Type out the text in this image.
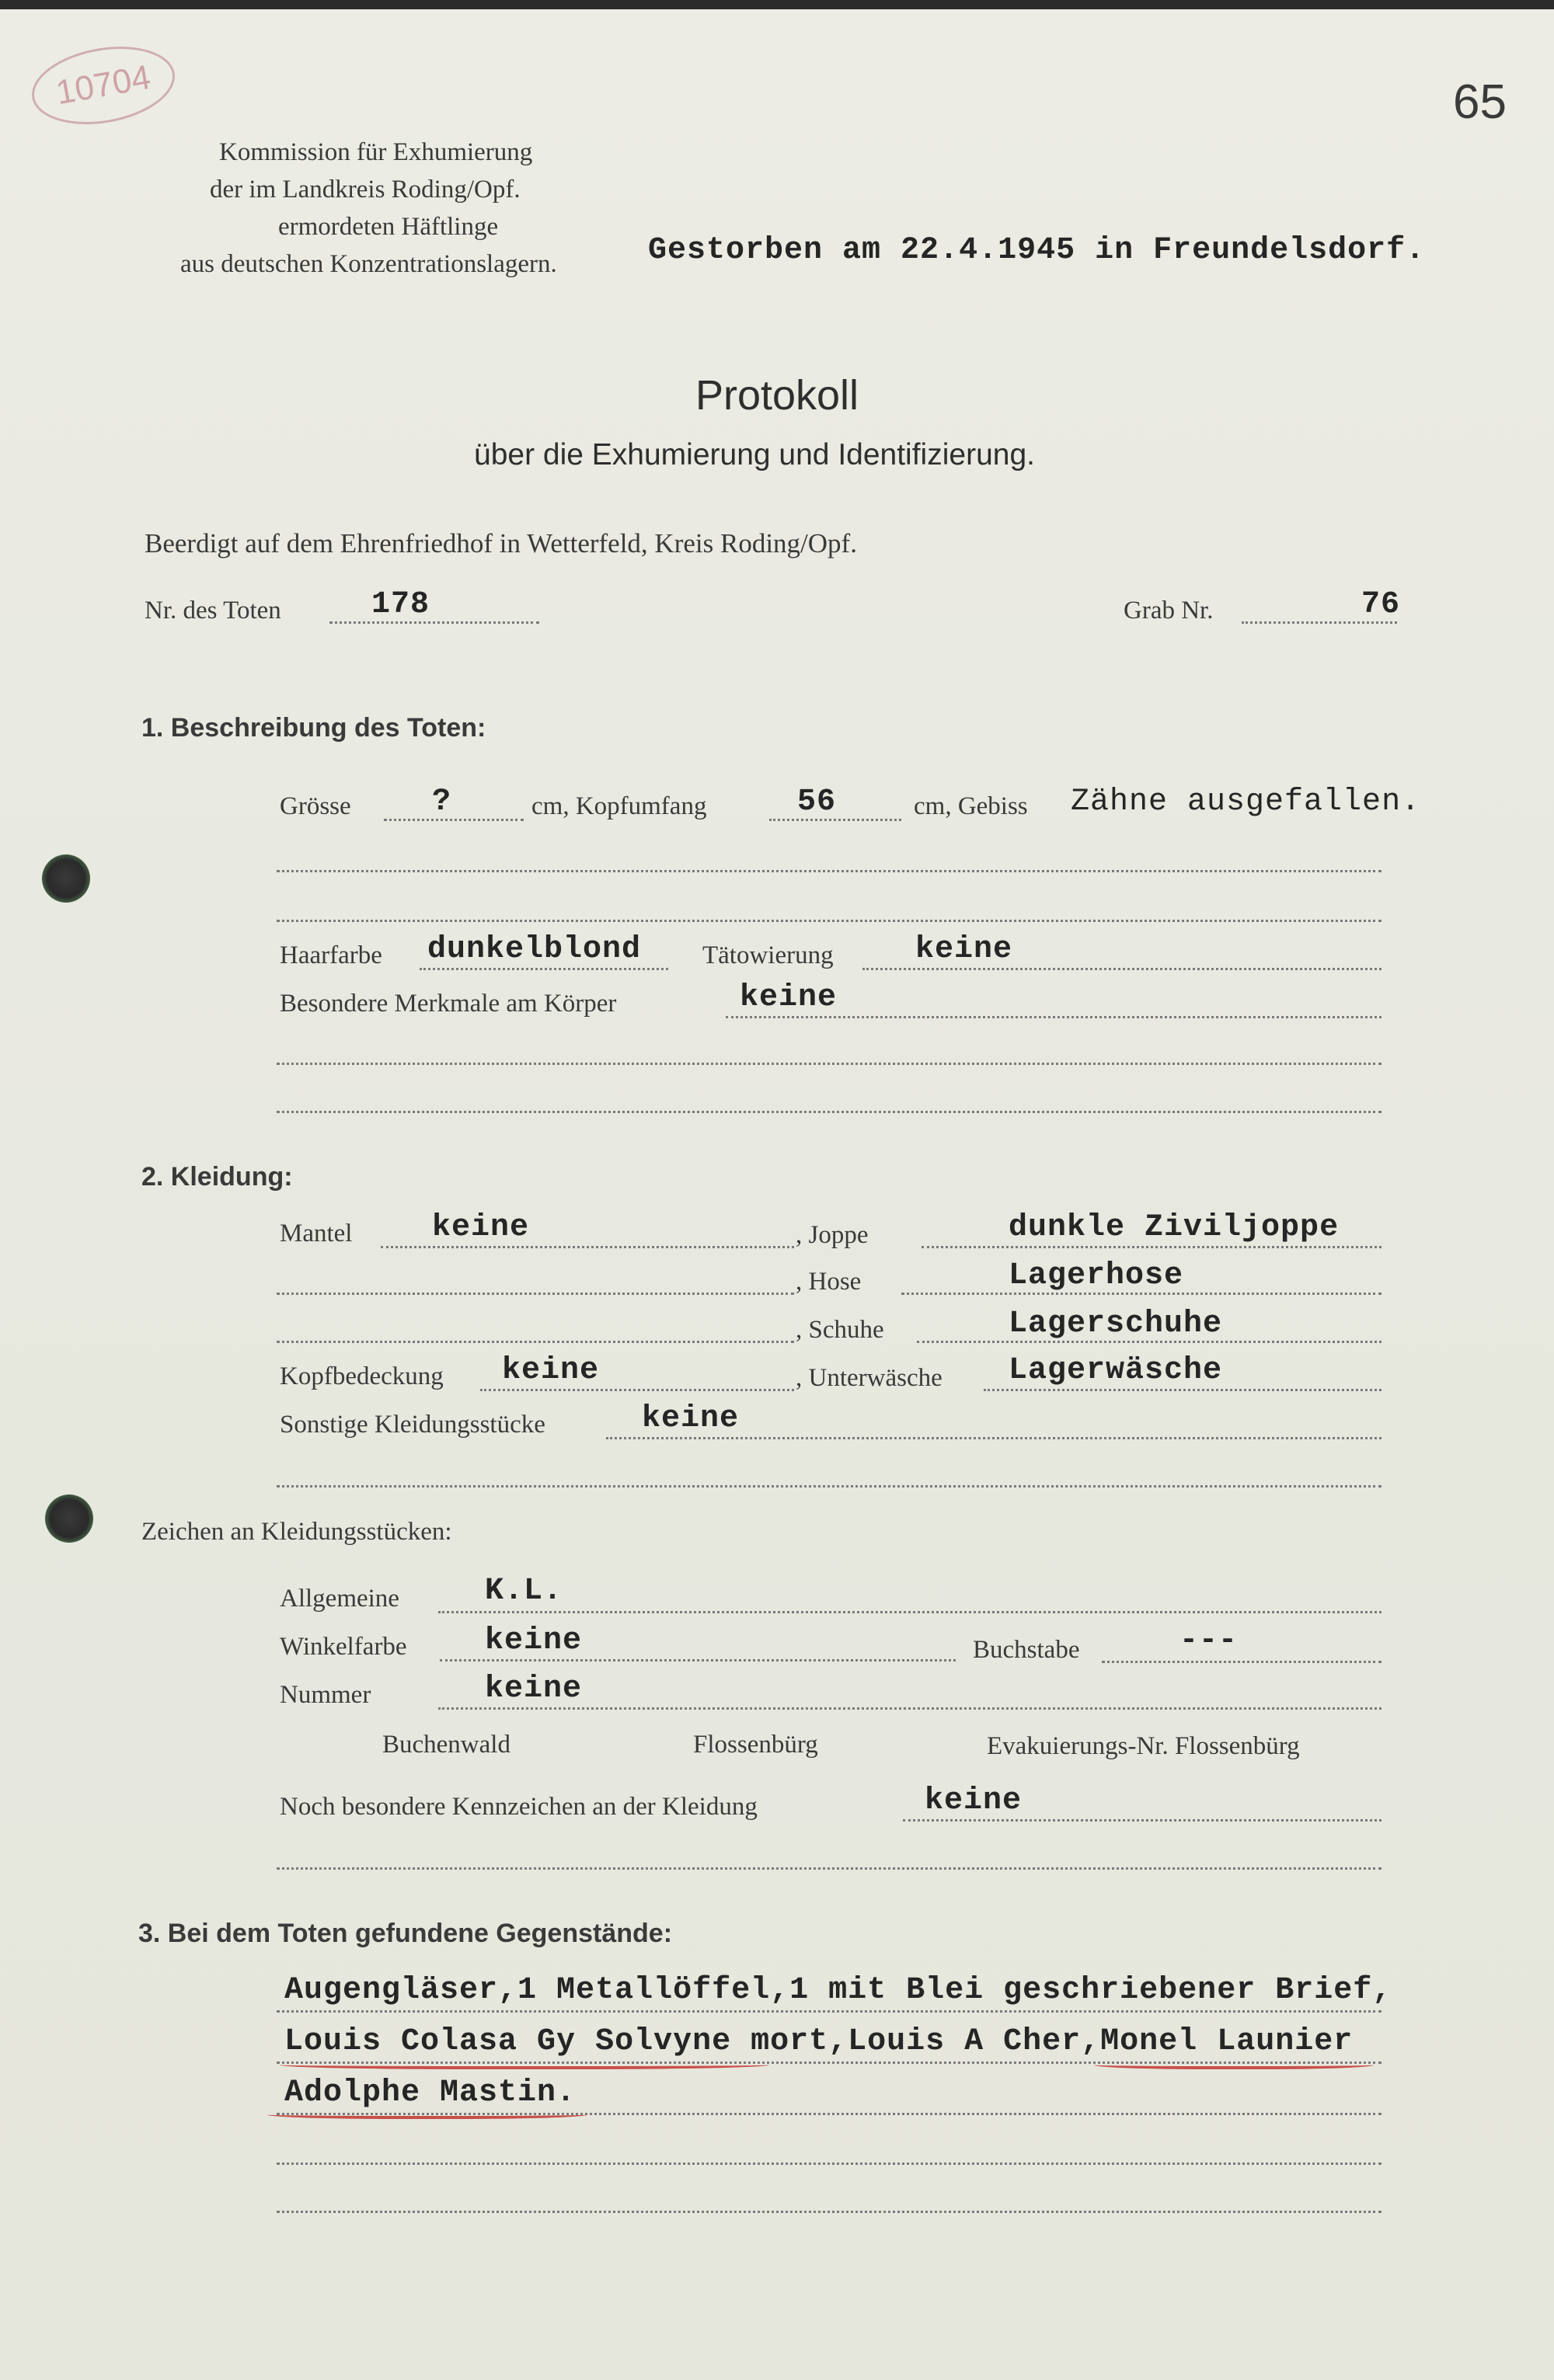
10704	65
Kommission für Exhumierung
der im Landkreis Roding/Opf.
ermordeten Häftlinge
aus deutschen Konzentrationslagern.	Gestorben am 22.4.1945 in Freundelsdorf.
Protokoll
über die Exhumierung und Identifizierung.
Beerdigt auf dem Ehrenfriedhof in Wetterfeld, Kreis Roding/Opf.
Nr. des Toten	178	Grab Nr.	76
1. Beschreibung des Toten:
Grösse	?	cm, Kopfumfang	56	cm, Gebiss Zähne ausgefallen.
Haarfarbe dunkelblond Tätowierung	keine
Besondere Merkmale am Körper	keine
2. Kleidung:
Mantel	keine	, Joppe	dunkle Ziviljoppe
, Hose	Lagerhose
, Schuhe	Lagerschuhe
Kopfbedeckung keine	, Unterwäsche Lagerwäsche
Sonstige Kleidungsstücke	keine
Zeichen an Kleidungsstücken:
Allgemeine	K.L.
Winkelfarbe	keine	Buchstabe	---
Nummer	keine
Buchenwald	Flossenbürg	Evakuierungs-Nr. Flossenbürg
Noch besondere Kennzeichen an der Kleidung	keine
3. Bei dem Toten gefundene Gegenstände:
Augengläser,1 Metallöffel,1 mit Blei geschriebener Brief,
Louis Colasa Gy Solvyne mort,Louis A Cher,Monel Launier
Adolphe Mastin.
